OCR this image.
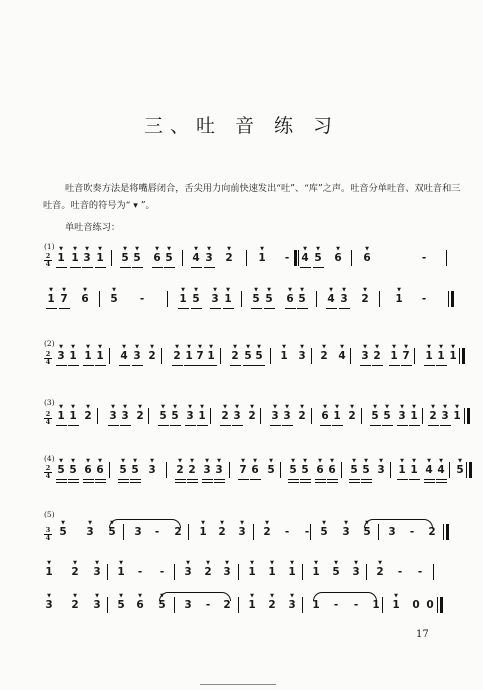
三、吐 音 练 习

吐音吹奏方法是将嘴唇闭合，舌尖用力向前快速发出“吐”、“库”之声。吐音分单吐音、双吐音和三吐音。吐音的符号为“ ▾ ”。

单吐音练习：
(1)
(2)
(3)
(4)
(5)
2
4 1
▼
1
▼
3
▼
1
▼
5
▼
5
▼
6
▼
5
▼
4
▼
3
▼
2
▼
1
▼
- 4
▼
5
▼
6
▼
6
▼
-
1
▼
7
▼
6
▼
5
▼
-	1
▼
5
▼
3
▼
1
▼
5
▼
5
▼
6
▼
5
▼
4
▼
3
▼
2
▼
1
▼
-
2
4 3
▼
1
▼
1
▼
1
▼
4
▼
3
▼
2
▼
2
▼
1
▼
7
▼
1
▼
2
▼
5
▼
5
▼
1
▼
3
▼
2
▼
4
▼
3
▼
2
▼
1
▼
7
▼
1
▼
1
▼
1
▼
2
4 1
▼
1
▼
2
▼
3
▼
3
▼
2
▼
5
▼
5
▼
3
▼
1
▼
2
▼
3
▼
2
▼
3
▼
3
▼
2
▼
6
▼
1
▼
2
▼
5
▼
5
▼
3
▼
1
▼
2
▼
3
▼
1
▼
2
4 5
▼
5
▼
6
▼
6
▼
5
▼
5
▼
3
▼
2
▼
2
▼
3
▼
3
▼
7
▼
6
▼
5
▼
5
▼
5
▼
6
▼
6
▼
5
▼
5
▼
3
▼
1
▼
1
▼
4
▼
4
▼
5
▼
3
4 5
▼
3
▼
5
▼
3 - 2 1
▼
2
▼
3
▼
2
▼
- - 5
▼
3
▼
5
▼
3 - 2
1
▼
2
▼
3
▼
1
▼
- - 3
▼
2
▼
3
▼
1
▼
1
▼
1
▼
1
▼
5
▼
3
▼
2
▼
- -
3
▼
2
▼
3
▼
5
▼
6
▼
5
▼
3 - 2 1
▼
2
▼
3
▼
1 - - 1 1
▼
0 0
17
